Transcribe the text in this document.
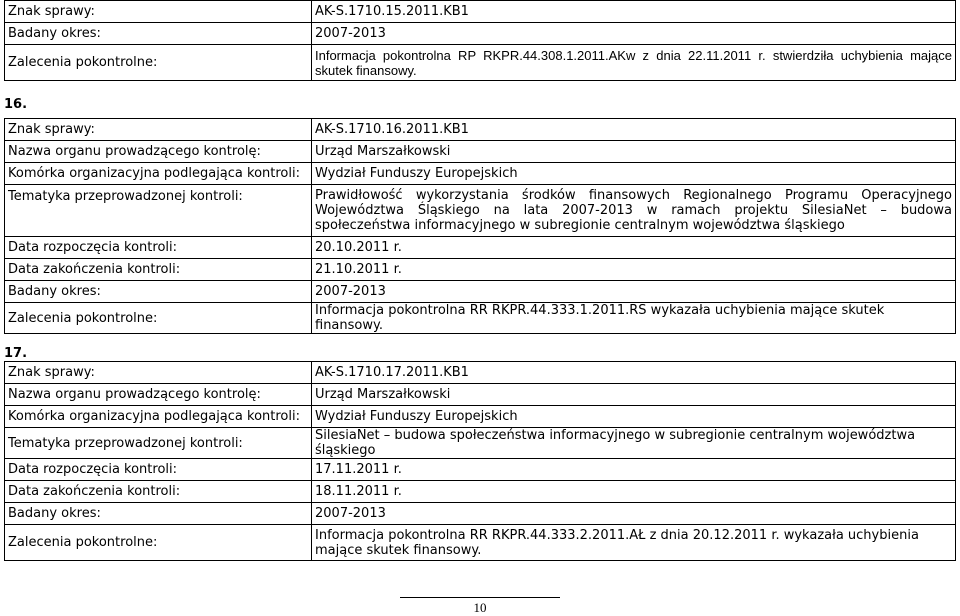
Znak sprawy:	AK-S.1710.15.2011.KB1
Badany okres:	2007-2013
Zalecenia pokontrolne:	Informacja pokontrolna RP RKPR.44.308.1.2011.AKw z dnia 22.11.2011 r. stwierdziła uchybienia mające skutek finansowy.
16.
Znak sprawy:	AK-S.1710.16.2011.KB1
Nazwa organu prowadzącego kontrolę:	Urząd Marszałkowski
Komórka organizacyjna podlegająca kontroli:	Wydział Funduszy Europejskich
Tematyka przeprowadzonej kontroli:	Prawidłowość wykorzystania środków finansowych Regionalnego Programu Operacyjnego Województwa Śląskiego na lata 2007-2013 w ramach projektu SilesiaNet – budowa społeczeństwa informacyjnego w subregionie centralnym województwa śląskiego
Data rozpoczęcia kontroli:	20.10.2011 r.
Data zakończenia kontroli:	21.10.2011 r.
Badany okres:	2007-2013
Zalecenia pokontrolne:	Informacja pokontrolna RR RKPR.44.333.1.2011.RS wykazała uchybienia mające skutek finansowy.
17.
Znak sprawy:	AK-S.1710.17.2011.KB1
Nazwa organu prowadzącego kontrolę:	Urząd Marszałkowski
Komórka organizacyjna podlegająca kontroli:	Wydział Funduszy Europejskich
Tematyka przeprowadzonej kontroli:	SilesiaNet – budowa społeczeństwa informacyjnego w subregionie centralnym województwa śląskiego
Data rozpoczęcia kontroli:	17.11.2011 r.
Data zakończenia kontroli:	18.11.2011 r.
Badany okres:	2007-2013
Zalecenia pokontrolne:	Informacja pokontrolna RR RKPR.44.333.2.2011.AŁ z dnia 20.12.2011 r. wykazała uchybienia mające skutek finansowy.
10
